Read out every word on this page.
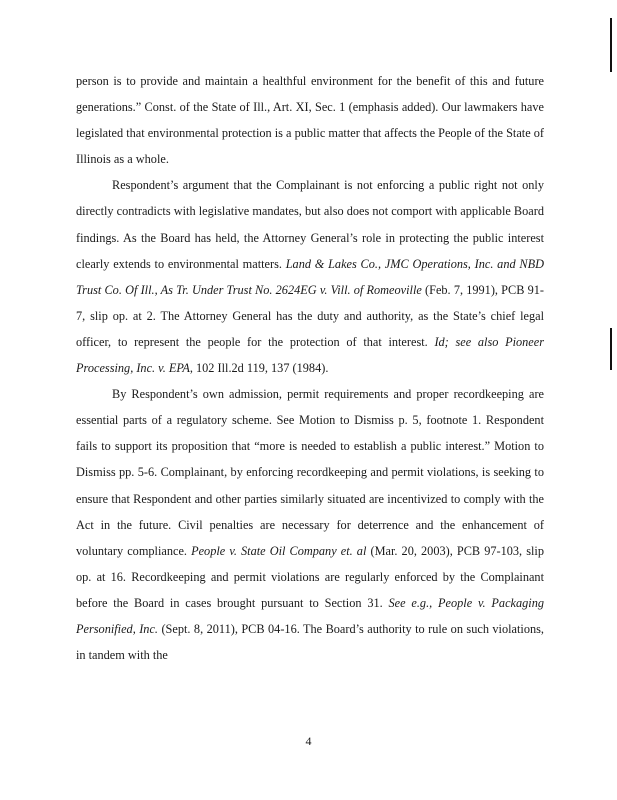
person is to provide and maintain a healthful environment for the benefit of this and future generations.” Const. of the State of Ill., Art. XI, Sec. 1 (emphasis added). Our lawmakers have legislated that environmental protection is a public matter that affects the People of the State of Illinois as a whole.

Respondent’s argument that the Complainant is not enforcing a public right not only directly contradicts with legislative mandates, but also does not comport with applicable Board findings. As the Board has held, the Attorney General’s role in protecting the public interest clearly extends to environmental matters. Land & Lakes Co., JMC Operations, Inc. and NBD Trust Co. Of Ill., As Tr. Under Trust No. 2624EG v. Vill. of Romeoville (Feb. 7, 1991), PCB 91-7, slip op. at 2. The Attorney General has the duty and authority, as the State’s chief legal officer, to represent the people for the protection of that interest. Id; see also Pioneer Processing, Inc. v. EPA, 102 Ill.2d 119, 137 (1984).

By Respondent’s own admission, permit requirements and proper recordkeeping are essential parts of a regulatory scheme. See Motion to Dismiss p. 5, footnote 1. Respondent fails to support its proposition that “more is needed to establish a public interest.” Motion to Dismiss pp. 5-6. Complainant, by enforcing recordkeeping and permit violations, is seeking to ensure that Respondent and other parties similarly situated are incentivized to comply with the Act in the future. Civil penalties are necessary for deterrence and the enhancement of voluntary compliance. People v. State Oil Company et. al (Mar. 20, 2003), PCB 97-103, slip op. at 16. Recordkeeping and permit violations are regularly enforced by the Complainant before the Board in cases brought pursuant to Section 31. See e.g., People v. Packaging Personified, Inc. (Sept. 8, 2011), PCB 04-16. The Board’s authority to rule on such violations, in tandem with the

4
